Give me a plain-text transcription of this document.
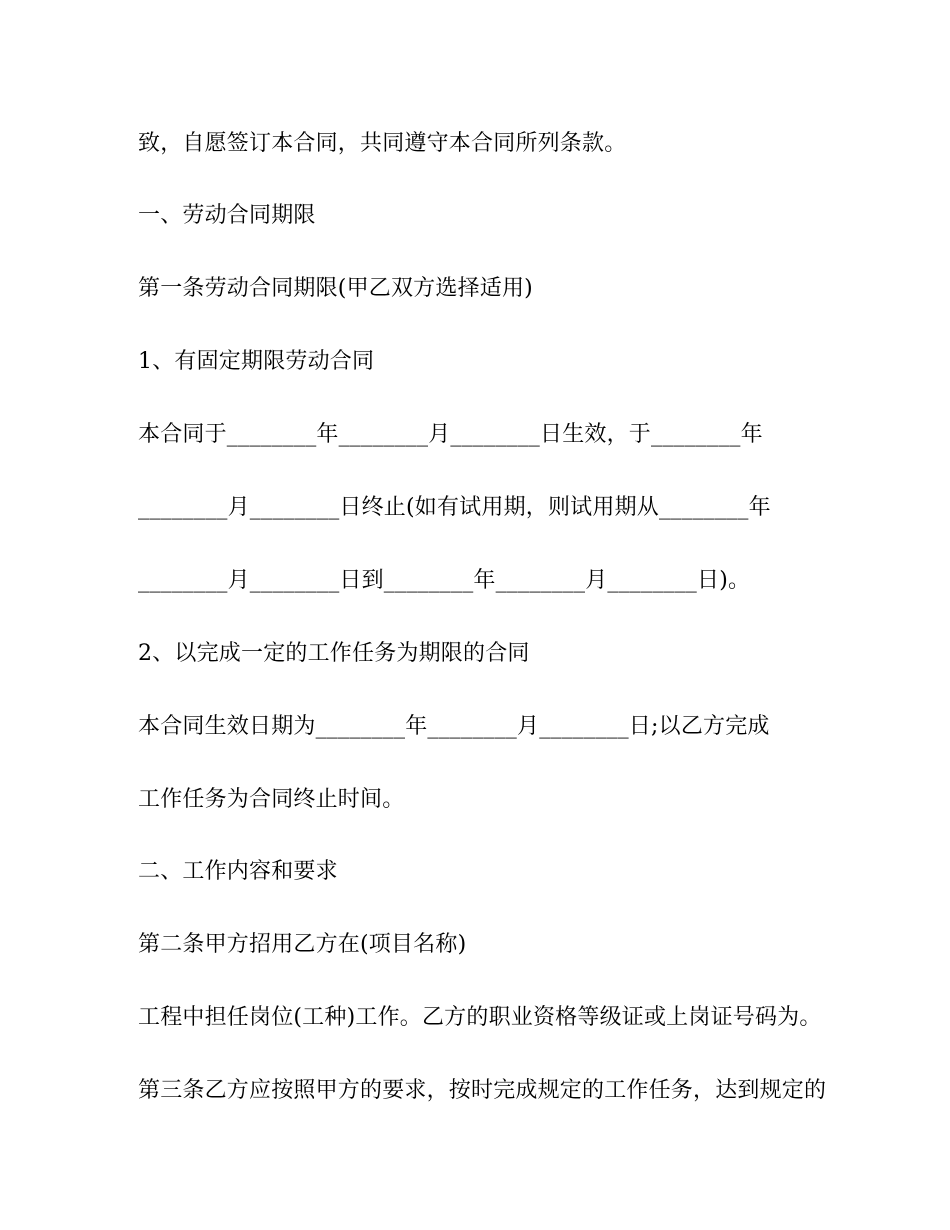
致，自愿签订本合同，共同遵守本合同所列条款。
一、劳动合同期限
第一条劳动合同期限(甲乙双方选择适用)
1、有固定期限劳动合同
本合同于________年________月________日生效，于________年
________月________日终止(如有试用期，则试用期从________年
________月________日到________年________月________日)。
2、以完成一定的工作任务为期限的合同
本合同生效日期为________年________月________日;以乙方完成
工作任务为合同终止时间。
二、工作内容和要求
第二条甲方招用乙方在(项目名称)
工程中担任岗位(工种)工作。乙方的职业资格等级证或上岗证号码为。
第三条乙方应按照甲方的要求，按时完成规定的工作任务，达到规定的
